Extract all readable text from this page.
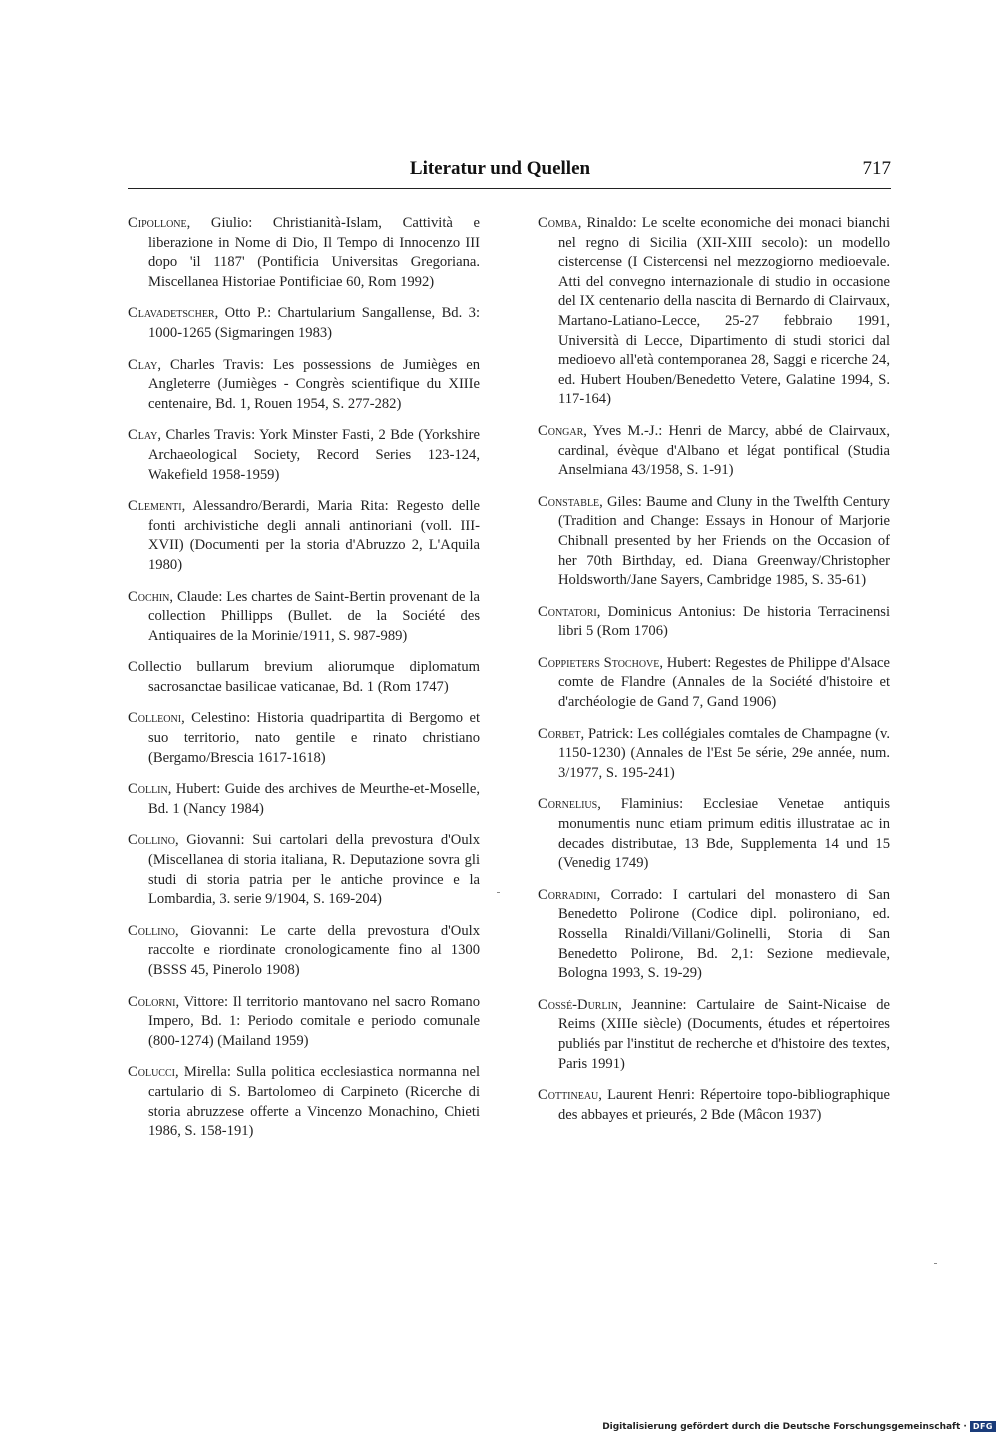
Literatur und Quellen	717
Cipollone, Giulio: Christianità-Islam, Cattività e liberazione in Nome di Dio, Il Tempo di Innocenzo III dopo 'il 1187' (Pontificia Universitas Gregoriana. Miscellanea Historiae Pontificiae 60, Rom 1992)
Clavadetscher, Otto P.: Chartularium Sangallense, Bd. 3: 1000-1265 (Sigmaringen 1983)
Clay, Charles Travis: Les possessions de Jumièges en Angleterre (Jumièges - Congrès scientifique du XIIIe centenaire, Bd. 1, Rouen 1954, S. 277-282)
Clay, Charles Travis: York Minster Fasti, 2 Bde (Yorkshire Archaeological Society, Record Series 123-124, Wakefield 1958-1959)
Clementi, Alessandro/Berardi, Maria Rita: Regesto delle fonti archivistiche degli annali antinoriani (voll. III-XVII) (Documenti per la storia d'Abruzzo 2, L'Aquila 1980)
Cochin, Claude: Les chartes de Saint-Bertin provenant de la collection Phillipps (Bullet. de la Société des Antiquaires de la Morinie/1911, S. 987-989)
Collectio bullarum brevium aliorumque diplomatum sacrosanctae basilicae vaticanae, Bd. 1 (Rom 1747)
Colleoni, Celestino: Historia quadripartita di Bergomo et suo territorio, nato gentile e rinato christiano (Bergamo/Brescia 1617-1618)
Collin, Hubert: Guide des archives de Meurthe-et-Moselle, Bd. 1 (Nancy 1984)
Collino, Giovanni: Sui cartolari della prevostura d'Oulx (Miscellanea di storia italiana, R. Deputazione sovra gli studi di storia patria per le antiche province e la Lombardia, 3. serie 9/1904, S. 169-204)
Collino, Giovanni: Le carte della prevostura d'Oulx raccolte e riordinate cronologicamente fino al 1300 (BSSS 45, Pinerolo 1908)
Colorni, Vittore: Il territorio mantovano nel sacro Romano Impero, Bd. 1: Periodo comitale e periodo comunale (800-1274) (Mailand 1959)
Colucci, Mirella: Sulla politica ecclesiastica normanna nel cartulario di S. Bartolomeo di Carpineto (Ricerche di storia abruzzese offerte a Vincenzo Monachino, Chieti 1986, S. 158-191)
Comba, Rinaldo: Le scelte economiche dei monaci bianchi nel regno di Sicilia (XII-XIII secolo): un modello cistercense (I Cistercensi nel mezzogiorno medioevale. Atti del convegno internazionale di studio in occasione del IX centenario della nascita di Bernardo di Clairvaux, Martano-Latiano-Lecce, 25-27 febbraio 1991, Università di Lecce, Dipartimento di studi storici dal medioevo all'età contemporanea 28, Saggi e ricerche 24, ed. Hubert Houben/Benedetto Vetere, Galatine 1994, S. 117-164)
Congar, Yves M.-J.: Henri de Marcy, abbé de Clairvaux, cardinal, évèque d'Albano et légat pontifical (Studia Anselmiana 43/1958, S. 1-91)
Constable, Giles: Baume and Cluny in the Twelfth Century (Tradition and Change: Essays in Honour of Marjorie Chibnall presented by her Friends on the Occasion of her 70th Birthday, ed. Diana Greenway/Christopher Holdsworth/Jane Sayers, Cambridge 1985, S. 35-61)
Contatori, Dominicus Antonius: De historia Terracinensi libri 5 (Rom 1706)
Coppieters Stochove, Hubert: Regestes de Philippe d'Alsace comte de Flandre (Annales de la Société d'histoire et d'archéologie de Gand 7, Gand 1906)
Corbet, Patrick: Les collégiales comtales de Champagne (v. 1150-1230) (Annales de l'Est 5e série, 29e année, num. 3/1977, S. 195-241)
Cornelius, Flaminius: Ecclesiae Venetae antiquis monumentis nunc etiam primum editis illustratae ac in decades distributae, 13 Bde, Supplementa 14 und 15 (Venedig 1749)
Corradini, Corrado: I cartulari del monastero di San Benedetto Polirone (Codice dipl. polironiano, ed. Rossella Rinaldi/Villani/Golinelli, Storia di San Benedetto Polirone, Bd. 2,1: Sezione medievale, Bologna 1993, S. 19-29)
Cossé-Durlin, Jeannine: Cartulaire de Saint-Nicaise de Reims (XIIIe siècle) (Documents, études et répertoires publiés par l'institut de recherche et d'histoire des textes, Paris 1991)
Cottineau, Laurent Henri: Répertoire topo-bibliographique des abbayes et prieurés, 2 Bde (Mâcon 1937)
Digitalisierung gefördert durch die Deutsche Forschungsgemeinschaft · DFG
